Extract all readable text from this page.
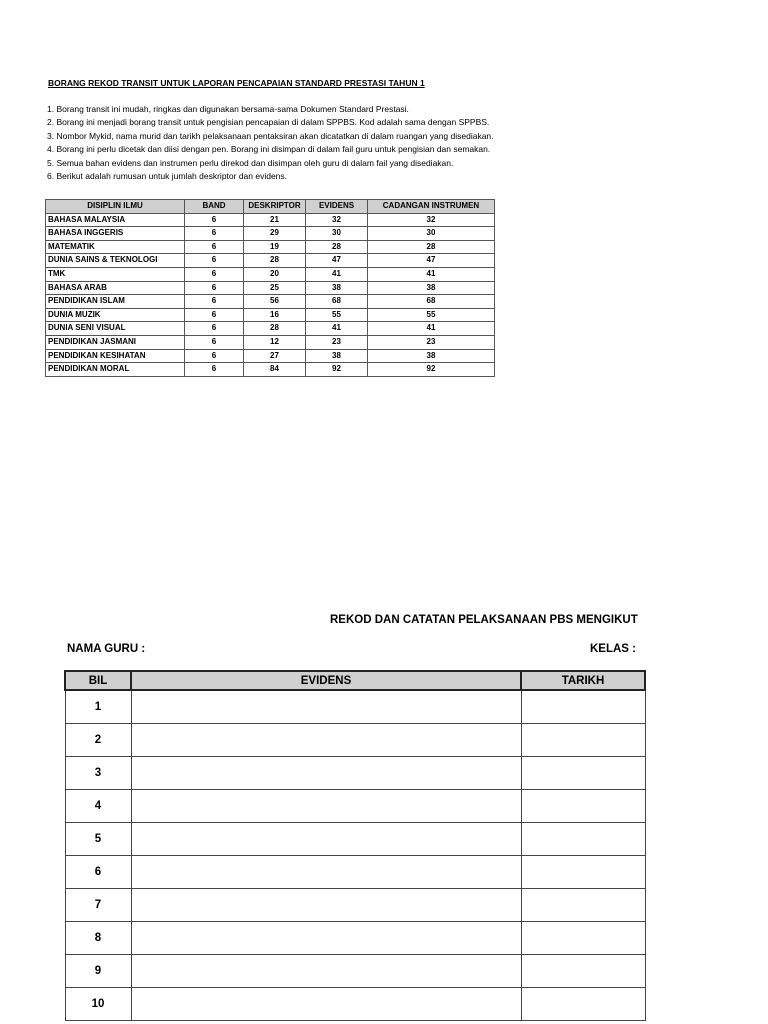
BORANG REKOD TRANSIT UNTUK LAPORAN PENCAPAIAN STANDARD PRESTASI TAHUN 1
1. Borang transit ini mudah, ringkas dan digunakan bersama-sama Dokumen Standard Prestasi.
2. Borang ini menjadi borang transit untuk pengisian pencapaian di dalam SPPBS. Kod adalah sama dengan SPPBS.
3. Nombor Mykid, nama murid dan tarikh pelaksanaan pentaksiran akan dicatatkan di dalam ruangan yang disediakan.
4. Borang ini perlu dicetak dan diisi dengan pen. Borang ini disimpan di dalam fail guru untuk pengisian dan semakan.
5. Semua bahan evidens dan instrumen perlu direkod dan disimpan oleh guru di dalam fail yang disediakan.
6. Berikut adalah rumusan untuk jumlah deskriptor dan evidens.
DISIPLIN ILMU	BAND	DESKRIPTOR	EVIDENS	CADANGAN INSTRUMEN
BAHASA MALAYSIA	6	21	32	32
BAHASA INGGERIS	6	29	30	30
MATEMATIK	6	19	28	28
DUNIA SAINS & TEKNOLOGI	6	28	47	47
TMK	6	20	41	41
BAHASA ARAB	6	25	38	38
PENDIDIKAN ISLAM	6	56	68	68
DUNIA MUZIK	6	16	55	55
DUNIA SENI VISUAL	6	28	41	41
PENDIDIKAN JASMANI	6	12	23	23
PENDIDIKAN KESIHATAN	6	27	38	38
PENDIDIKAN MORAL	6	84	92	92
REKOD DAN CATATAN PELAKSANAAN PBS MENGIKUT
NAMA GURU :	KELAS :
BIL	EVIDENS	TARIKH
1		
2		
3		
4		
5		
6		
7		
8		
9		
10		
